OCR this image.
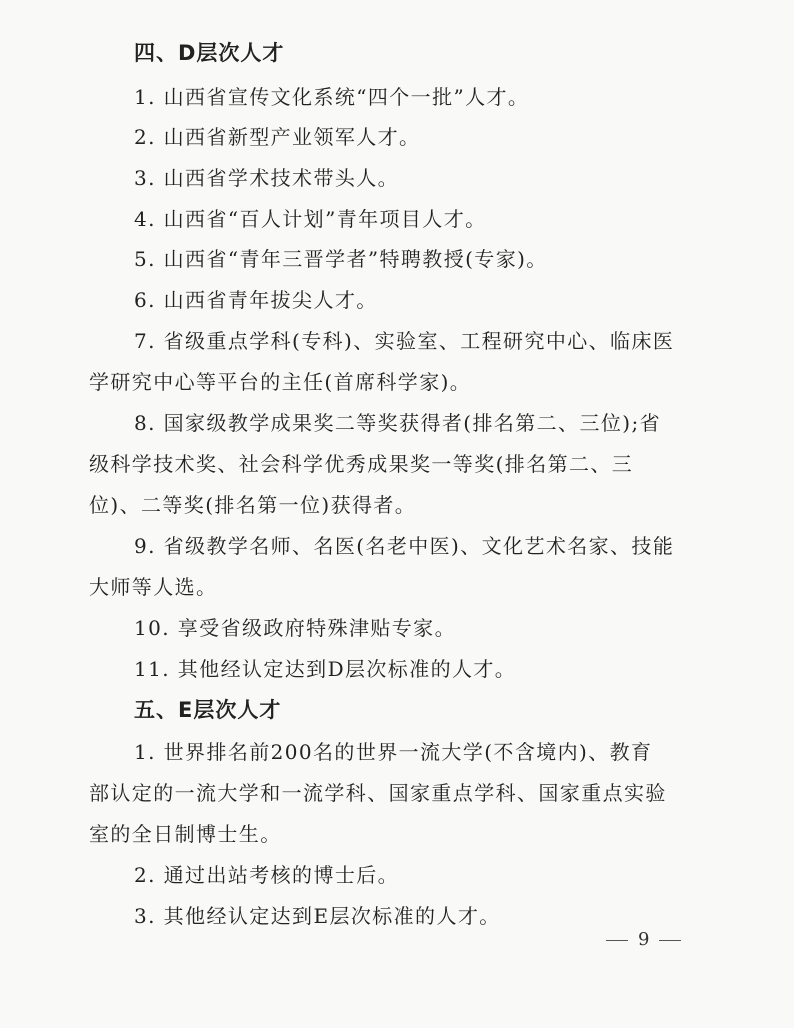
四、D层次人才
1. 山西省宣传文化系统“四个一批”人才。
2. 山西省新型产业领军人才。
3. 山西省学术技术带头人。
4. 山西省“百人计划”青年项目人才。
5. 山西省“青年三晋学者”特聘教授(专家)。
6. 山西省青年拔尖人才。
7. 省级重点学科(专科)、实验室、工程研究中心、临床医
学研究中心等平台的主任(首席科学家)。
8. 国家级教学成果奖二等奖获得者(排名第二、三位);省
级科学技术奖、社会科学优秀成果奖一等奖(排名第二、三
位)、二等奖(排名第一位)获得者。
9. 省级教学名师、名医(名老中医)、文化艺术名家、技能
大师等人选。
10. 享受省级政府特殊津贴专家。
11. 其他经认定达到D层次标准的人才。
五、E层次人才
1. 世界排名前200名的世界一流大学(不含境内)、教育
部认定的一流大学和一流学科、国家重点学科、国家重点实验
室的全日制博士生。
2. 通过出站考核的博士后。
3. 其他经认定达到E层次标准的人才。
9
